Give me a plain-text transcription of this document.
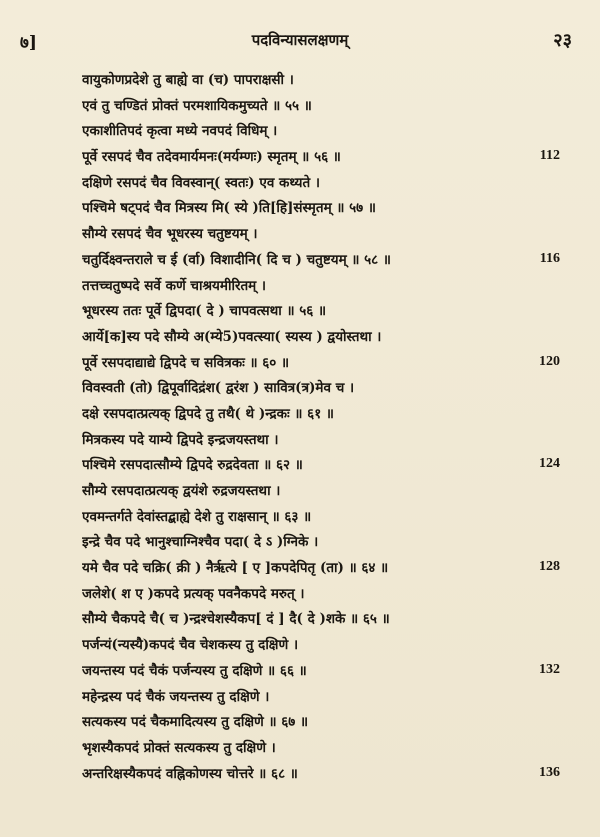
७]	पदविन्यासलक्षणम्	२३
वायुकोणप्रदेशे तु बाह्ये वा (च) पापराक्षसी ।
एवं तु चण्डितं प्रोक्तं परमशायिकमुच्यते ॥ ५५ ॥
एकाशीतिपदं कृत्वा मध्ये नवपदं विधिम् ।
पूर्वे रसपदं चैव तदेवमार्यमनः(मर्यम्णः) स्मृतम् ॥ ५६ ॥	112
दक्षिणे रसपदं चैव विवस्वान्( स्वतः) एव कथ्यते ।
पश्चिमे षट्पदं चैव मित्रस्य मि( स्ये )ति[हि]संस्मृतम् ॥ ५७ ॥
सौम्ये रसपदं चैव भूधरस्य चतुष्टयम् ।
चतुर्दिक्ष्वन्तराले च ई (र्वा) विशादीनि( दि च ) चतुष्टयम् ॥ ५८ ॥	116
तत्तच्चतुष्पदे सर्वे कर्णे चाश्रयमीरितम् ।
भूधरस्य ततः पूर्वे द्विपदा( दे ) चापवत्सथा ॥ ५६ ॥
आर्ये[क]स्य पदे सौम्ये अ(म्ये5)पवत्स्या( स्यस्य ) द्वयोस्तथा ।
पूर्वे रसपदाद्याद्ये द्विपदे च सवित्रकः ॥ ६० ॥	120
विवस्वती (तो) द्विपूर्वादिद्रंश( द्वरंश ) सावित्र(त्र)मेव च ।
दक्षे रसपदात्प्रत्यक् द्विपदे तु तथै( थे )न्द्रकः ॥ ६१ ॥
मित्रकस्य पदे याम्ये द्विपदे इन्द्रजयस्तथा ।
पश्चिमे रसपदात्सौम्ये द्विपदे रुद्रदेवता ॥ ६२ ॥	124
सौम्ये रसपदात्प्रत्यक् द्वयंशे रुद्रजयस्तथा ।
एवमन्तर्गते देवांस्तद्बाह्ये देशे तु राक्षसान् ॥ ६३ ॥
इन्द्रे चैव पदे भानुश्चाग्निश्चैव पदा( दे ऽ )ग्निके ।
यमे चैव पदे चक्रि( क्री ) नैर्ऋत्ये [ ए ]कपदेपितृ (ता) ॥ ६४ ॥	128
जलेशे( श ए )कपदे प्रत्यक् पवनैकपदे मरुत् ।
सौम्ये चैकपदे चै( च )न्द्रश्चेशस्यैकप[ दं ] दै( दे )शके ॥ ६५ ॥
पर्जन्यं(न्यस्यै)कपदं चैव चेशकस्य तु दक्षिणे ।
जयन्तस्य पदं चैकं पर्जन्यस्य तु दक्षिणे ॥ ६६ ॥	132
महेन्द्रस्य पदं चैकं जयन्तस्य तु दक्षिणे ।
सत्यकस्य पदं चैकमादित्यस्य तु दक्षिणे ॥ ६७ ॥
भृशस्यैकपदं प्रोक्तं सत्यकस्य तु दक्षिणे ।
अन्तरिक्षस्यैकपदं वह्निकोणस्य चोत्तरे ॥ ६८ ॥	136
